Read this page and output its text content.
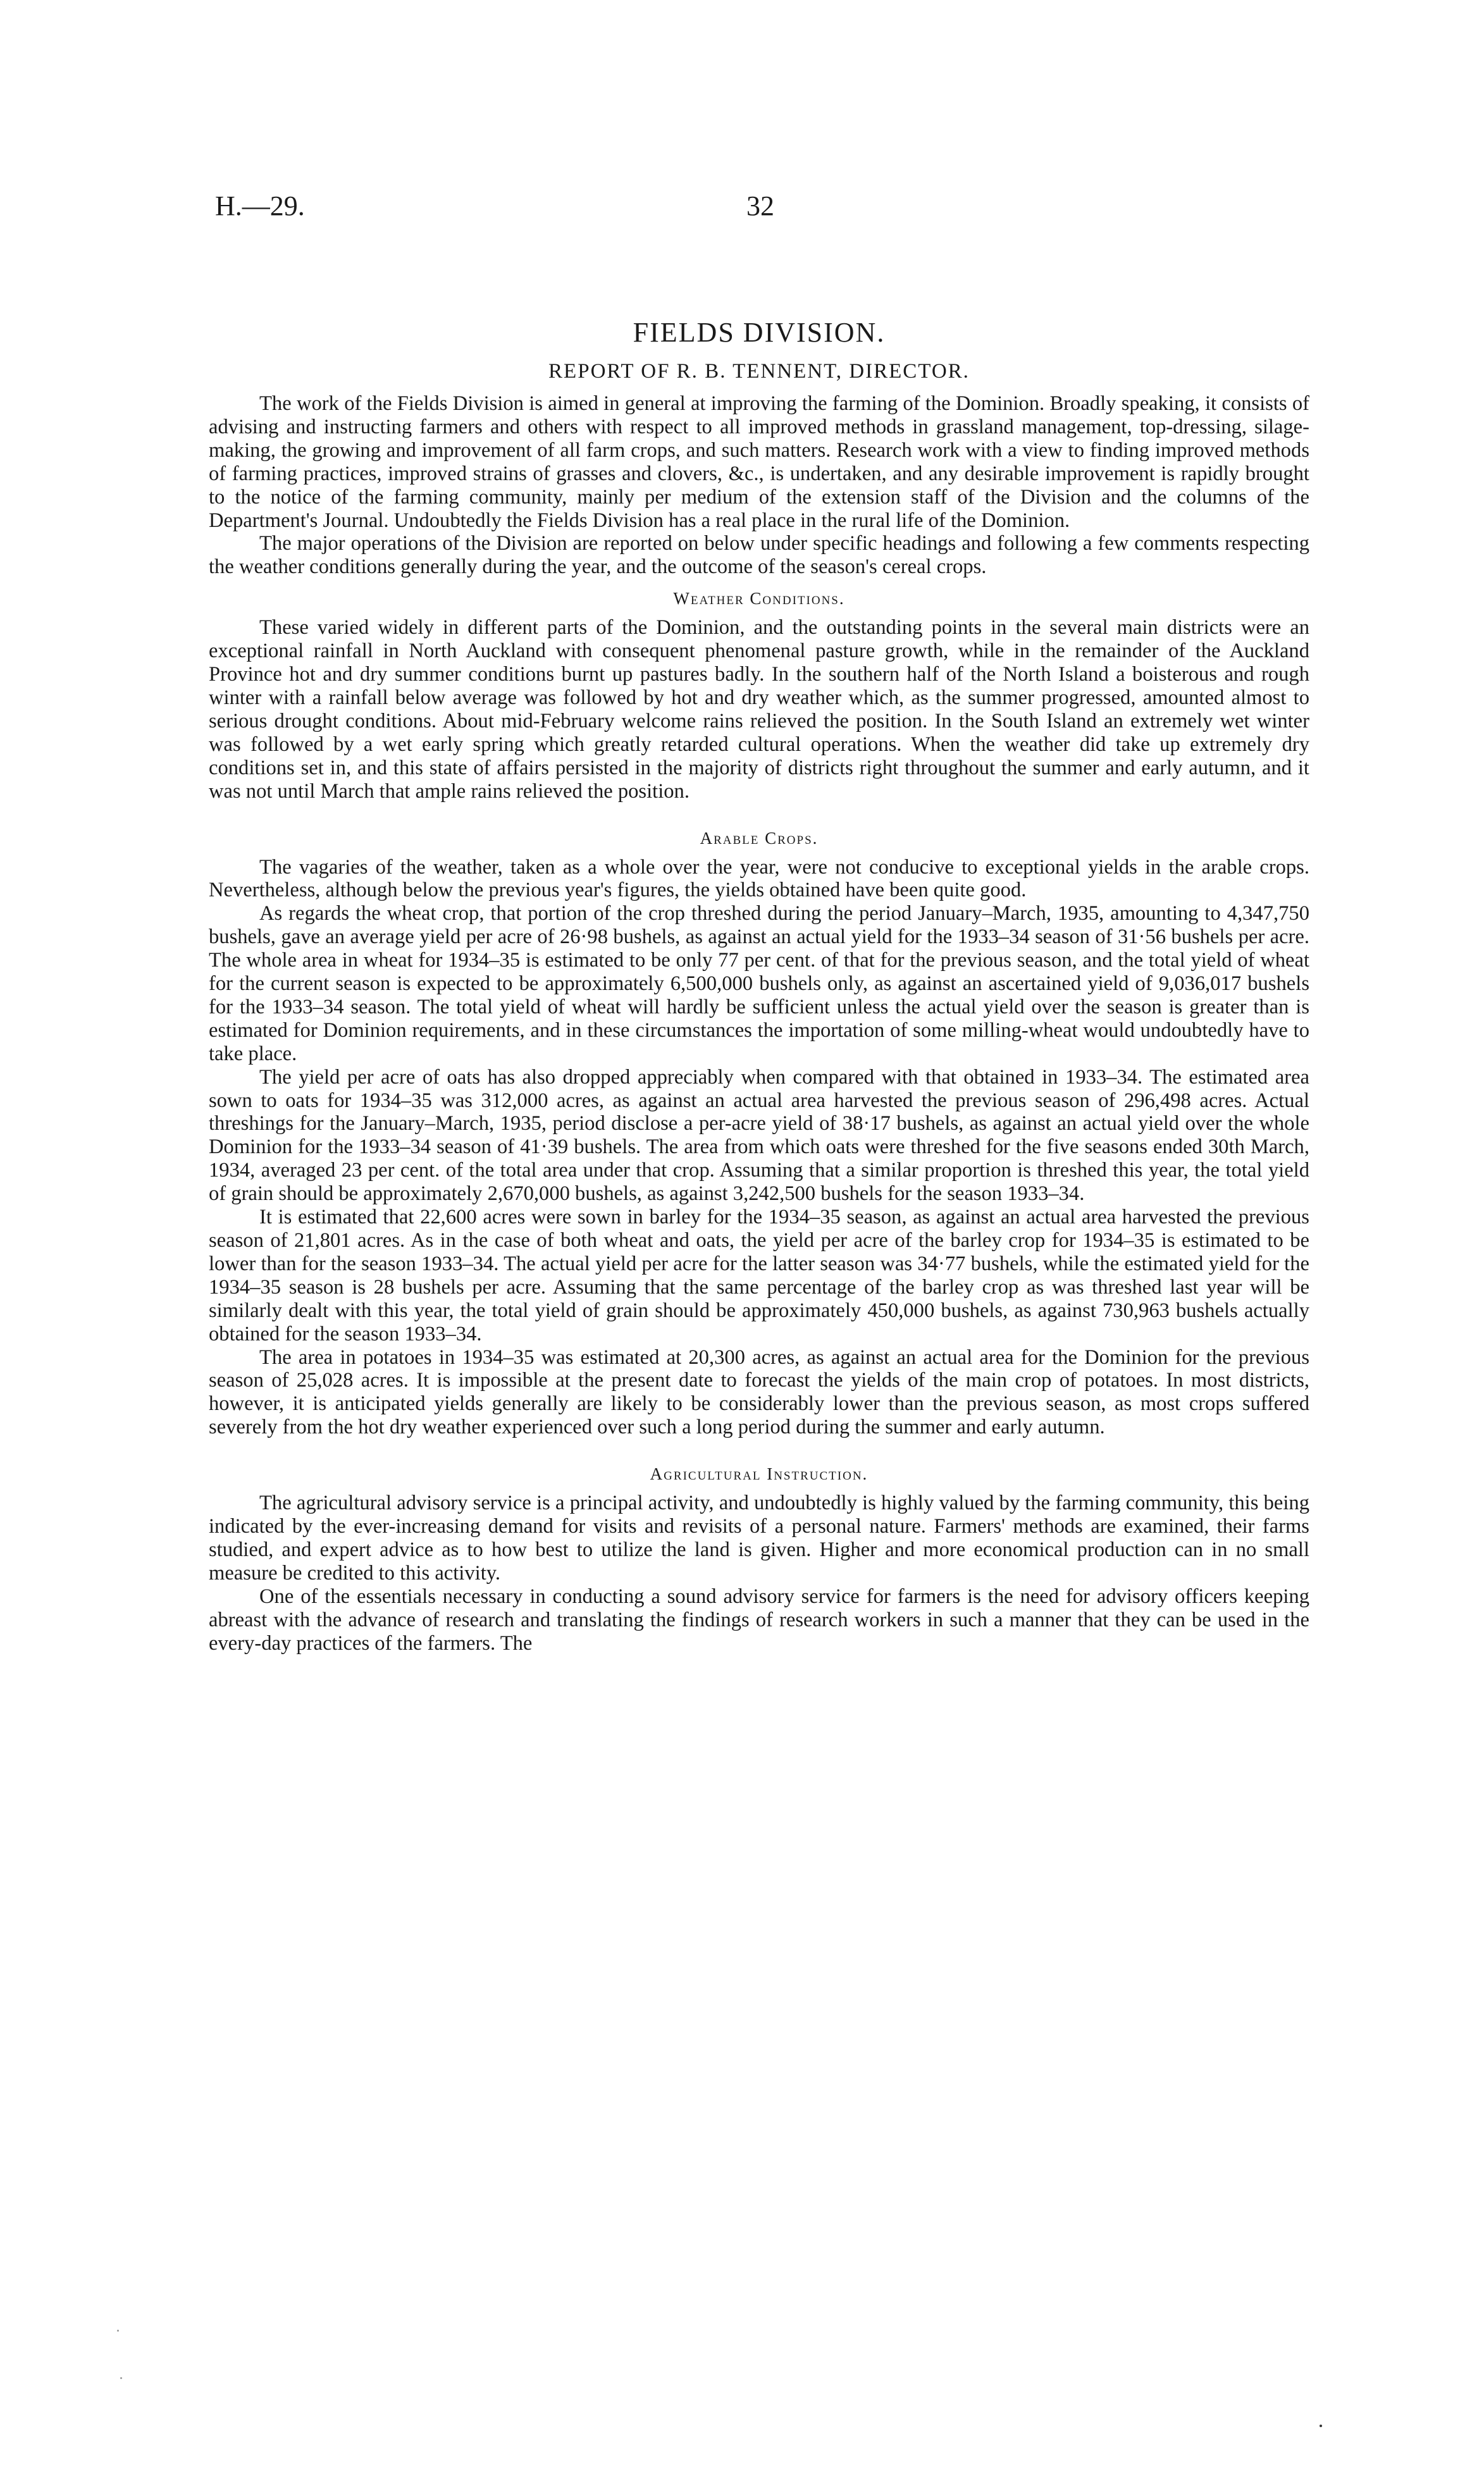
H.—29.	32
FIELDS DIVISION.
REPORT OF R. B. TENNENT, DIRECTOR.

The work of the Fields Division is aimed in general at improving the farming of the Dominion. Broadly speaking, it consists of advising and instructing farmers and others with respect to all improved methods in grassland management, top-dressing, silage-making, the growing and improvement of all farm crops, and such matters. Research work with a view to finding improved methods of farming practices, improved strains of grasses and clovers, &c., is undertaken, and any desirable improvement is rapidly brought to the notice of the farming community, mainly per medium of the extension staff of the Division and the columns of the Department's Journal. Undoubtedly the Fields Division has a real place in the rural life of the Dominion.

The major operations of the Division are reported on below under specific headings and following a few comments respecting the weather conditions generally during the year, and the outcome of the season's cereal crops.

Weather Conditions.

These varied widely in different parts of the Dominion, and the outstanding points in the several main districts were an exceptional rainfall in North Auckland with consequent phenomenal pasture growth, while in the remainder of the Auckland Province hot and dry summer conditions burnt up pastures badly. In the southern half of the North Island a boisterous and rough winter with a rainfall below average was followed by hot and dry weather which, as the summer progressed, amounted almost to serious drought conditions. About mid-February welcome rains relieved the position. In the South Island an extremely wet winter was followed by a wet early spring which greatly retarded cultural operations. When the weather did take up extremely dry conditions set in, and this state of affairs persisted in the majority of districts right throughout the summer and early autumn, and it was not until March that ample rains relieved the position.

Arable Crops.

The vagaries of the weather, taken as a whole over the year, were not conducive to exceptional yields in the arable crops. Nevertheless, although below the previous year's figures, the yields obtained have been quite good.

As regards the wheat crop, that portion of the crop threshed during the period January–March, 1935, amounting to 4,347,750 bushels, gave an average yield per acre of 26·98 bushels, as against an actual yield for the 1933–34 season of 31·56 bushels per acre. The whole area in wheat for 1934–35 is estimated to be only 77 per cent. of that for the previous season, and the total yield of wheat for the current season is expected to be approximately 6,500,000 bushels only, as against an ascertained yield of 9,036,017 bushels for the 1933–34 season. The total yield of wheat will hardly be sufficient unless the actual yield over the season is greater than is estimated for Dominion requirements, and in these circumstances the importation of some milling-wheat would undoubtedly have to take place.

The yield per acre of oats has also dropped appreciably when compared with that obtained in 1933–34. The estimated area sown to oats for 1934–35 was 312,000 acres, as against an actual area harvested the previous season of 296,498 acres. Actual threshings for the January–March, 1935, period disclose a per-acre yield of 38·17 bushels, as against an actual yield over the whole Dominion for the 1933–34 season of 41·39 bushels. The area from which oats were threshed for the five seasons ended 30th March, 1934, averaged 23 per cent. of the total area under that crop. Assuming that a similar proportion is threshed this year, the total yield of grain should be approximately 2,670,000 bushels, as against 3,242,500 bushels for the season 1933–34.

It is estimated that 22,600 acres were sown in barley for the 1934–35 season, as against an actual area harvested the previous season of 21,801 acres. As in the case of both wheat and oats, the yield per acre of the barley crop for 1934–35 is estimated to be lower than for the season 1933–34. The actual yield per acre for the latter season was 34·77 bushels, while the estimated yield for the 1934–35 season is 28 bushels per acre. Assuming that the same percentage of the barley crop as was threshed last year will be similarly dealt with this year, the total yield of grain should be approximately 450,000 bushels, as against 730,963 bushels actually obtained for the season 1933–34.

The area in potatoes in 1934–35 was estimated at 20,300 acres, as against an actual area for the Dominion for the previous season of 25,028 acres. It is impossible at the present date to forecast the yields of the main crop of potatoes. In most districts, however, it is anticipated yields generally are likely to be considerably lower than the previous season, as most crops suffered severely from the hot dry weather experienced over such a long period during the summer and early autumn.

Agricultural Instruction.

The agricultural advisory service is a principal activity, and undoubtedly is highly valued by the farming community, this being indicated by the ever-increasing demand for visits and revisits of a personal nature. Farmers' methods are examined, their farms studied, and expert advice as to how best to utilize the land is given. Higher and more economical production can in no small measure be credited to this activity.

One of the essentials necessary in conducting a sound advisory service for farmers is the need for advisory officers keeping abreast with the advance of research and translating the findings of research workers in such a manner that they can be used in the every-day practices of the farmers. The
